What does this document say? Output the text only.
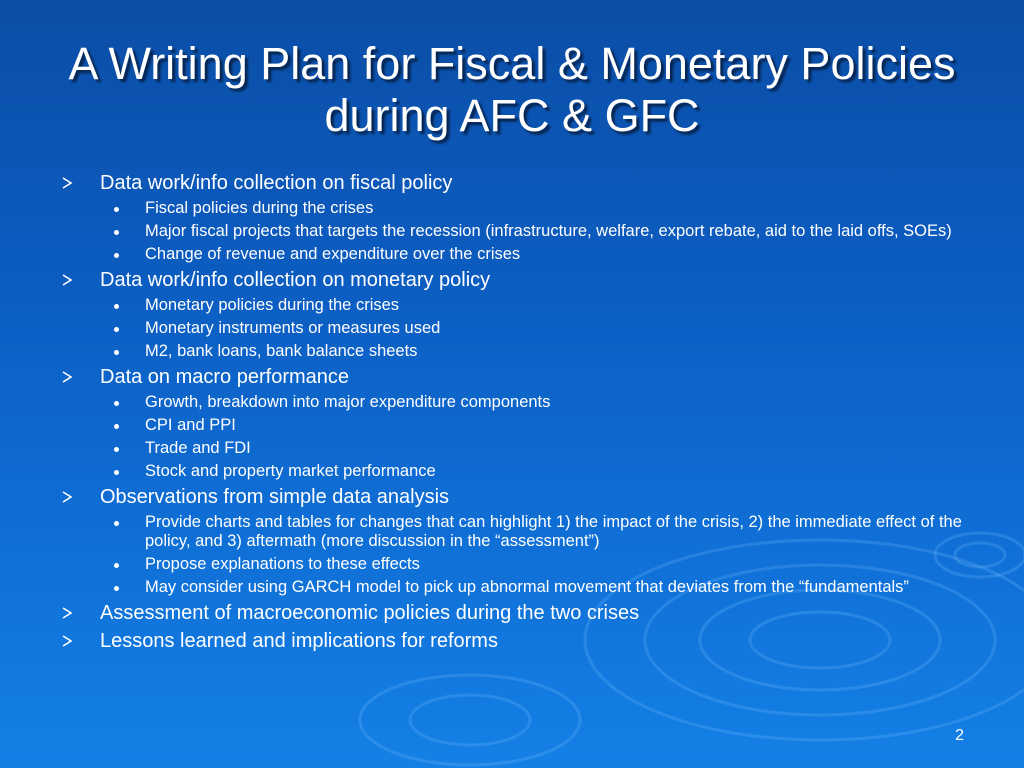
A Writing Plan for Fiscal & Monetary Policies during AFC & GFC
Data work/info collection on fiscal policy
Fiscal policies during the crises
Major fiscal projects that targets the recession (infrastructure, welfare, export rebate, aid to the laid offs, SOEs)
Change of revenue and expenditure over the crises
Data work/info collection on monetary policy
Monetary policies during the crises
Monetary instruments or measures used
M2, bank loans, bank balance sheets
Data on macro performance
Growth, breakdown into major expenditure components
CPI and PPI
Trade and FDI
Stock and property market performance
Observations from simple data analysis
Provide charts and tables for changes that can highlight 1) the impact of the crisis, 2) the immediate effect of the policy, and 3) aftermath (more discussion in the “assessment”)
Propose explanations to these effects
May consider using GARCH model to pick up abnormal movement that deviates from the “fundamentals”
Assessment of macroeconomic policies during the two crises
Lessons learned and implications for reforms
2
